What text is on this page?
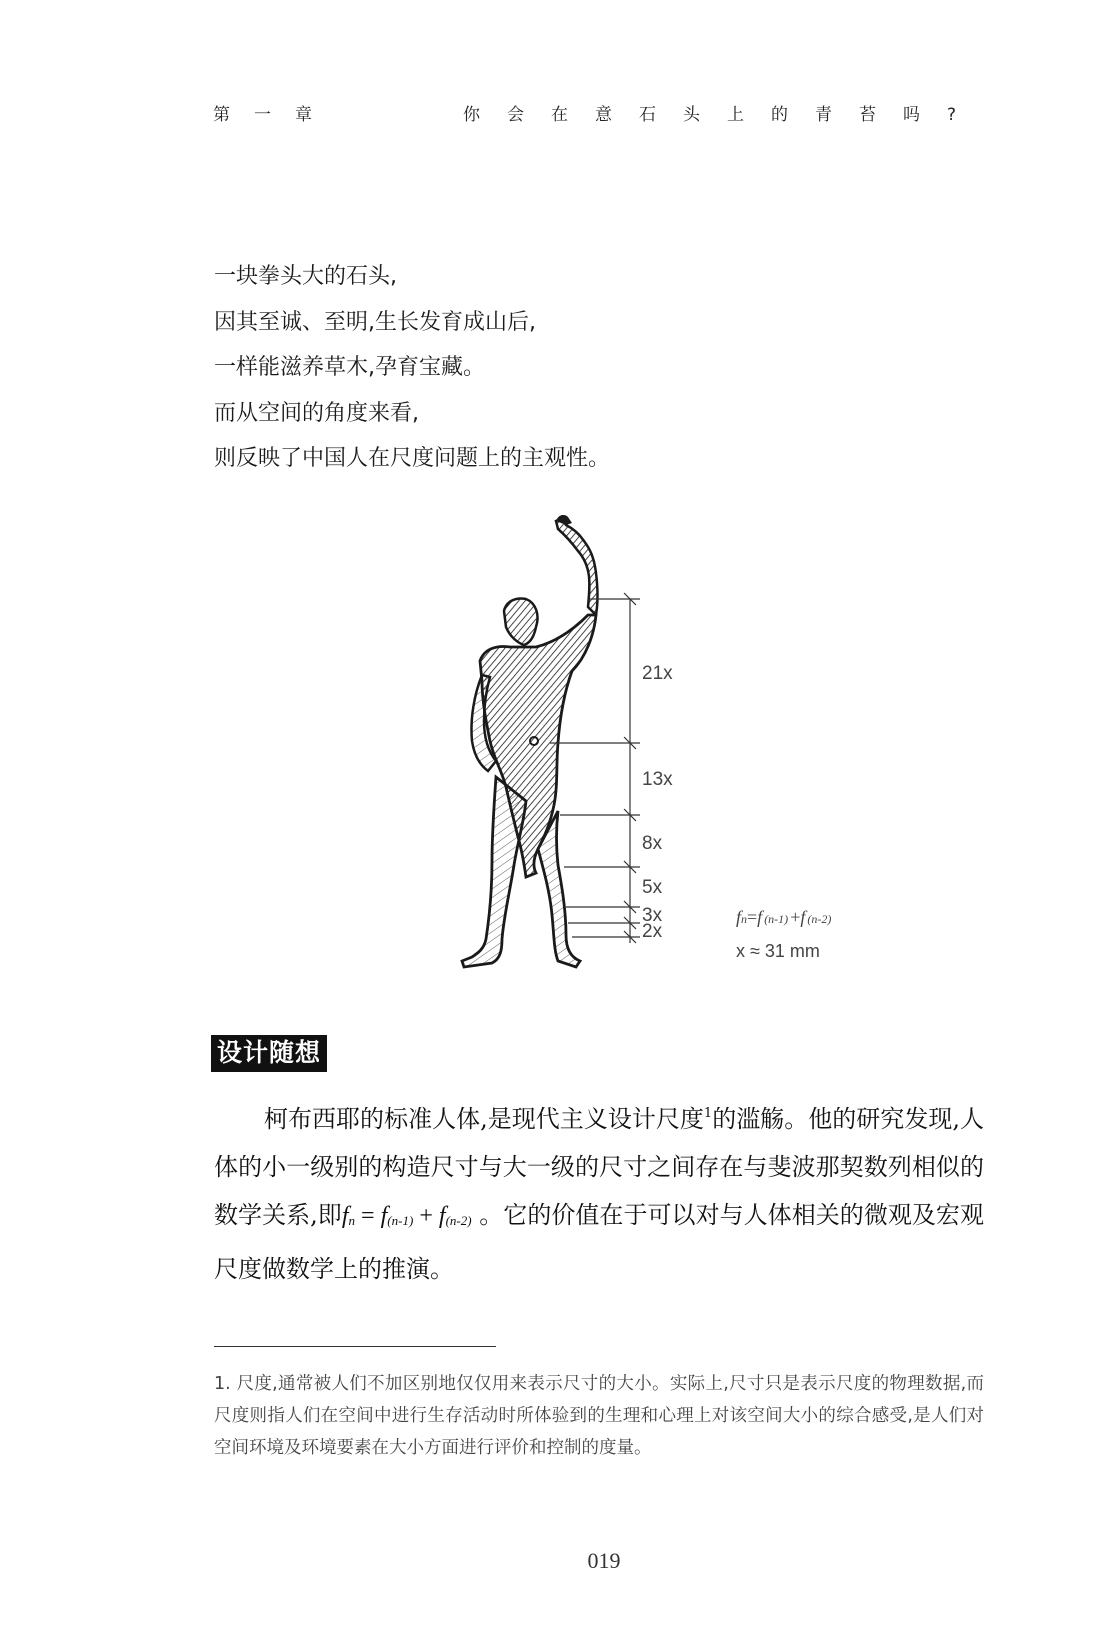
第一章	你会在意石头上的青苔吗?
一块拳头大的石头,
因其至诚、至明,生长发育成山后,
一样能滋养草木,孕育宝藏。
而从空间的角度来看,
则反映了中国人在尺度问题上的主观性。
21x
13x
8x
5x
3x
2x
fn=f (n-1) +f (n-2)
x ≈ 31 mm
设计随想

柯布西耶的标准人体,是现代主义设计尺度$^1$的滥觞。他的研究发现,人体的小一级别的构造尺寸与大一级的尺寸之间存在与斐波那契数列相似的数学关系,即$f_n = f_{(n-1)} + f_{(n-2)}$ 。它的价值在于可以对与人体相关的微观及宏观尺度做数学上的推演。

1. 尺度,通常被人们不加区别地仅仅用来表示尺寸的大小。实际上,尺寸只是表示尺度的物理数据,而尺度则指人们在空间中进行生存活动时所体验到的生理和心理上对该空间大小的综合感受,是人们对空间环境及环境要素在大小方面进行评价和控制的度量。
019
